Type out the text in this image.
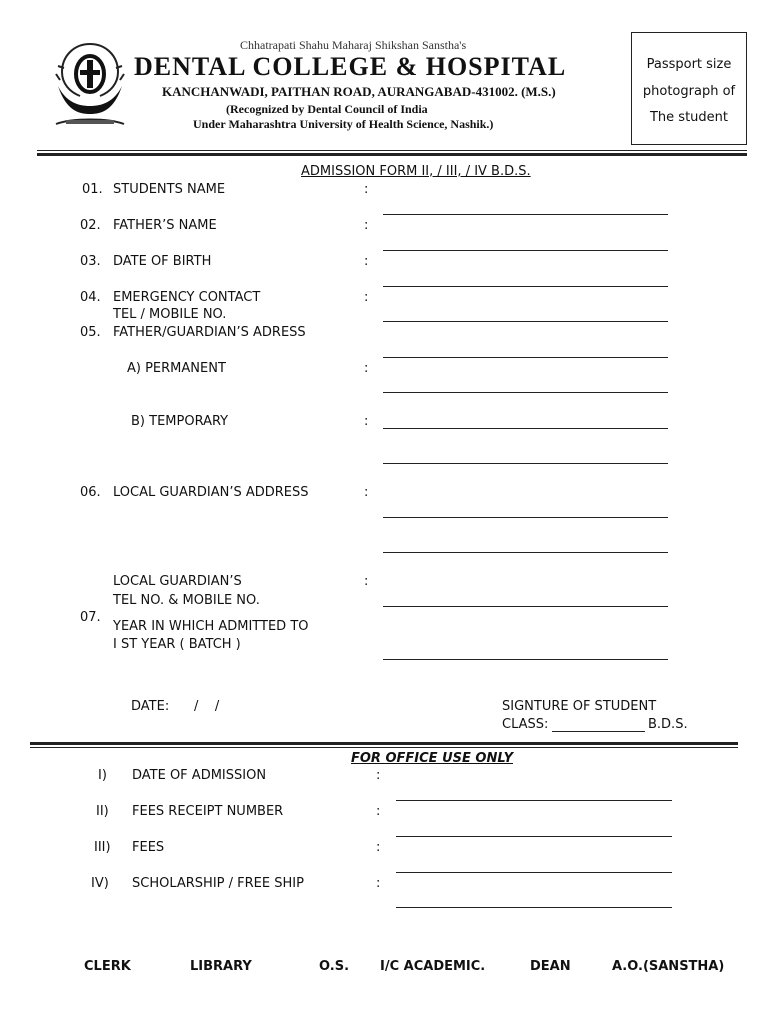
Chhatrapati Shahu Maharaj Shikshan Sanstha's
DENTAL COLLEGE & HOSPITAL
KANCHANWADI, PAITHAN ROAD, AURANGABAD-431002. (M.S.)
(Recognized by Dental Council of India
Under Maharashtra University of Health Science, Nashik.)
Passport size
photograph of
The student
ADMISSION FORM II, / III, / IV B.D.S.
01. STUDENTS NAME	:
02. FATHER’S NAME	:
03. DATE OF BIRTH	:
04. EMERGENCY CONTACT
TEL / MOBILE NO.
:
05. FATHER/GUARDIAN’S ADRESS
A) PERMANENT	:
B) TEMPORARY	:
06. LOCAL GUARDIAN’S ADDRESS	:
LOCAL GUARDIAN’S
TEL NO. & MOBILE NO.
:
07.
YEAR IN WHICH ADMITTED TO
I ST YEAR ( BATCH )
DATE:      /    /	SIGNTURE OF STUDENT
CLASS:	B.D.S.
FOR OFFICE USE ONLY
I) DATE OF ADMISSION	:
II) FEES RECEIPT NUMBER	:
III) FEES	:
IV) SCHOLARSHIP / FREE SHIP	:
CLERK	LIBRARY	O.S. I/C ACADEMIC.	DEAN	A.O.(SANSTHA)
